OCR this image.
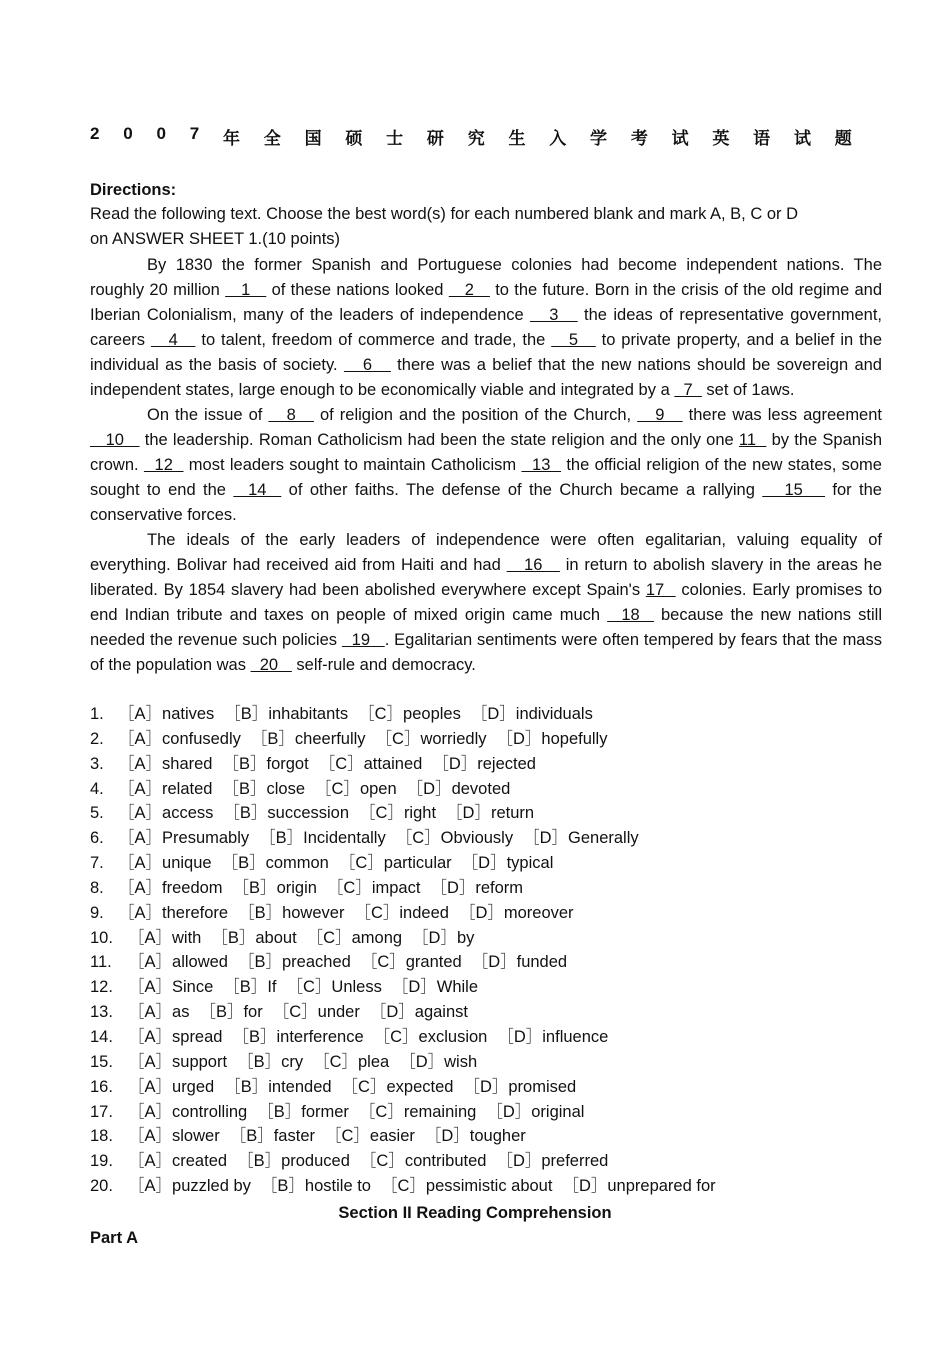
2 0 0 7 年 全 国 硕 士 研 究 生 入 学 考 试 英 语 试 题
Directions:
Read the following text. Choose the best word(s) for each numbered blank and mark A, B, C or D
on ANSWER SHEET 1.(10 points)

By 1830 the former Spanish and Portuguese colonies had become independent nations. The roughly 20 million    1    of these nations looked    2    to the future. Born in the crisis of the old regime and Iberian Colonialism, many of the leaders of independence    3    the ideas of representative government, careers    4    to talent, freedom of commerce and trade, the    5    to private property, and a belief in the individual as the basis of society.    6    there was a belief that the new nations should be sovereign and independent states, large enough to be economically viable and integrated by a   7   set of 1aws.

On the issue of    8    of religion and the position of the Church,    9    there was less agreement    10    the leadership. Roman Catholicism had been the state religion and the only one 11   by the Spanish crown.   12   most leaders sought to maintain Catholicism   13   the official religion of the new states, some sought to end the   14   of other faiths. The defense of the Church became a rallying    15    for the conservative forces.

The ideals of the early leaders of independence were often egalitarian, valuing equality of everything. Bolivar had received aid from Haiti and had    16    in return to abolish slavery in the areas he liberated. By 1854 slavery had been abolished everywhere except Spain's 17   colonies. Early promises to end Indian tribute and taxes on people of mixed origin came much   18   because the new nations still needed the revenue such policies   19   . Egalitarian sentiments were often tempered by fears that the mass of the population was   20    self-rule and democracy.

1. ［A］natives ［B］inhabitants ［C］peoples ［D］individuals
2. ［A］confusedly ［B］cheerfully ［C］worriedly ［D］hopefully
3. ［A］shared ［B］forgot ［C］attained ［D］rejected
4. ［A］related ［B］close ［C］open ［D］devoted
5. ［A］access ［B］succession ［C］right ［D］return
6. ［A］Presumably ［B］Incidentally ［C］Obviously ［D］Generally
7. ［A］unique ［B］common ［C］particular ［D］typical
8. ［A］freedom ［B］origin ［C］impact ［D］reform
9. ［A］therefore ［B］however ［C］indeed ［D］moreover
10. ［A］with ［B］about ［C］among ［D］by
11. ［A］allowed ［B］preached ［C］granted ［D］funded
12. ［A］Since ［B］If ［C］Unless ［D］While
13. ［A］as ［B］for ［C］under ［D］against
14. ［A］spread ［B］interference ［C］exclusion ［D］influence
15. ［A］support ［B］cry ［C］plea ［D］wish
16. ［A］urged ［B］intended ［C］expected ［D］promised
17. ［A］controlling ［B］former ［C］remaining ［D］original
18. ［A］slower ［B］faster ［C］easier ［D］tougher
19. ［A］created ［B］produced ［C］contributed ［D］preferred
20. ［A］puzzled by ［B］hostile to ［C］pessimistic about ［D］unprepared for
Section II Reading Comprehension
Part A
